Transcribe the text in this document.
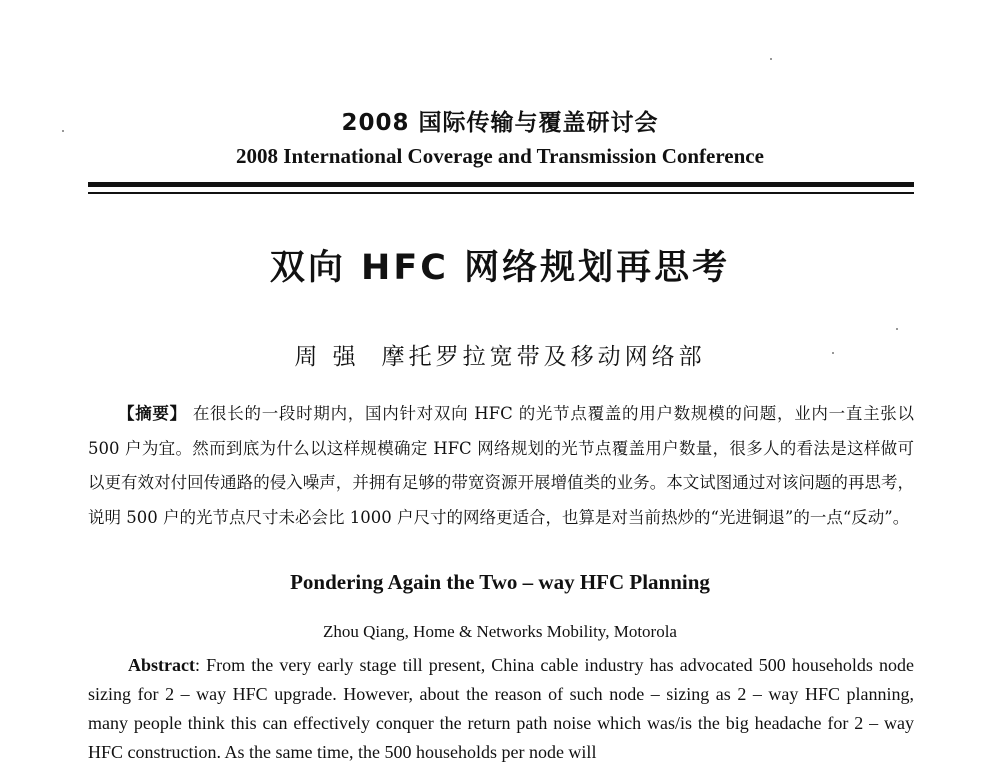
2008 国际传输与覆盖研讨会
2008 International Coverage and Transmission Conference
双向 HFC 网络规划再思考
周 强 摩托罗拉宽带及移动网络部
【摘要】 在很长的一段时期内，国内针对双向 HFC 的光节点覆盖的用户数规模的问题，业内一直主张以 500 户为宜。然而到底为什么以这样规模确定 HFC 网络规划的光节点覆盖用户数量，很多人的看法是这样做可以更有效对付回传通路的侵入噪声，并拥有足够的带宽资源开展增值类的业务。本文试图通过对该问题的再思考，说明 500 户的光节点尺寸未必会比 1000 户尺寸的网络更适合，也算是对当前热炒的“光进铜退”的一点“反动”。
Pondering Again the Two – way HFC Planning
Zhou Qiang, Home & Networks Mobility, Motorola
Abstract: From the very early stage till present, China cable industry has advocated 500 households node sizing for 2 – way HFC upgrade. However, about the reason of such node – sizing as 2 – way HFC planning, many people think this can effectively conquer the return path noise which was/is the big headache for 2 – way HFC construction. As the same time, the 500 households per node will
